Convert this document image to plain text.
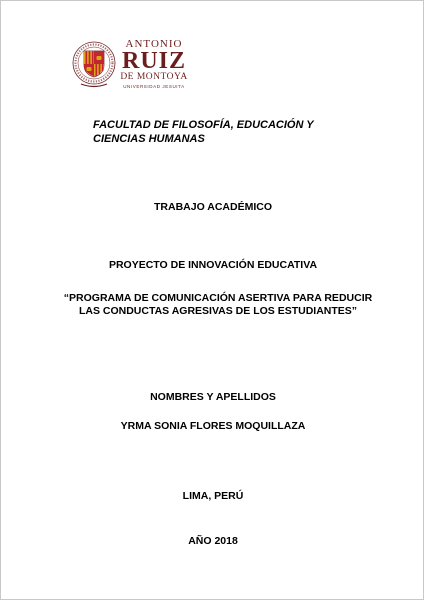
ANTONIO
RUIZ
DE MONTOYA
UNIVERSIDAD JESUITA
FACULTAD DE FILOSOFÍA, EDUCACIÓN Y CIENCIAS HUMANAS
TRABAJO ACADÉMICO
PROYECTO DE INNOVACIÓN EDUCATIVA
“PROGRAMA DE COMUNICACIÓN ASERTIVA PARA REDUCIR LAS CONDUCTAS AGRESIVAS DE LOS ESTUDIANTES”
NOMBRES Y APELLIDOS
YRMA SONIA FLORES MOQUILLAZA
LIMA, PERÚ
AÑO 2018
